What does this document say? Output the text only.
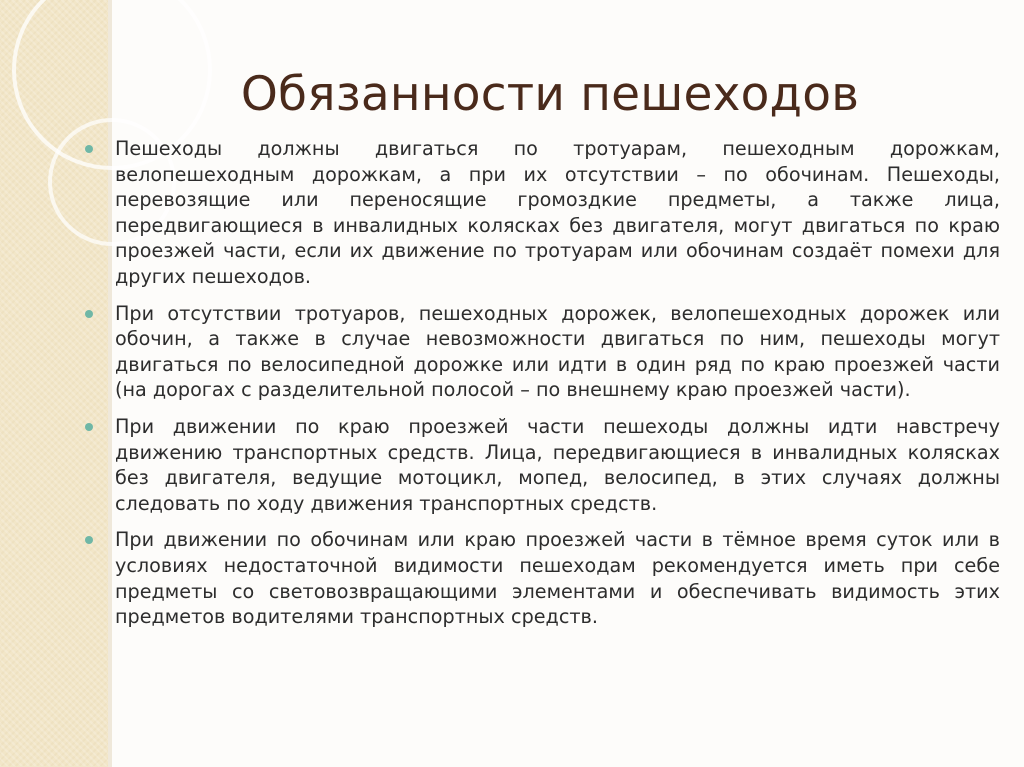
Обязанности пешеходов
Пешеходы должны двигаться по тротуарам, пешеходным дорожкам, велопешеходным дорожкам, а при их отсутствии – по обочинам. Пешеходы, перевозящие или переносящие громоздкие предметы, а также лица, передвигающиеся в инвалидных колясках без двигателя, могут двигаться по краю проезжей части, если их движение по тротуарам или обочинам создаёт помехи для других пешеходов.
При отсутствии тротуаров, пешеходных дорожек, велопешеходных дорожек или обочин, а также в случае невозможности двигаться по ним, пешеходы могут двигаться по велосипедной дорожке или идти в один ряд по краю проезжей части (на дорогах с разделительной полосой – по внешнему краю проезжей части).
При движении по краю проезжей части пешеходы должны идти навстречу движению транспортных средств. Лица, передвигающиеся в инвалидных колясках без двигателя, ведущие мотоцикл, мопед, велосипед, в этих случаях должны следовать по ходу движения транспортных средств.
При движении по обочинам или краю проезжей части в тёмное время суток или в условиях недостаточной видимости пешеходам рекомендуется иметь при себе предметы со световозвращающими элементами и обеспечивать видимость этих предметов водителями транспортных средств.
